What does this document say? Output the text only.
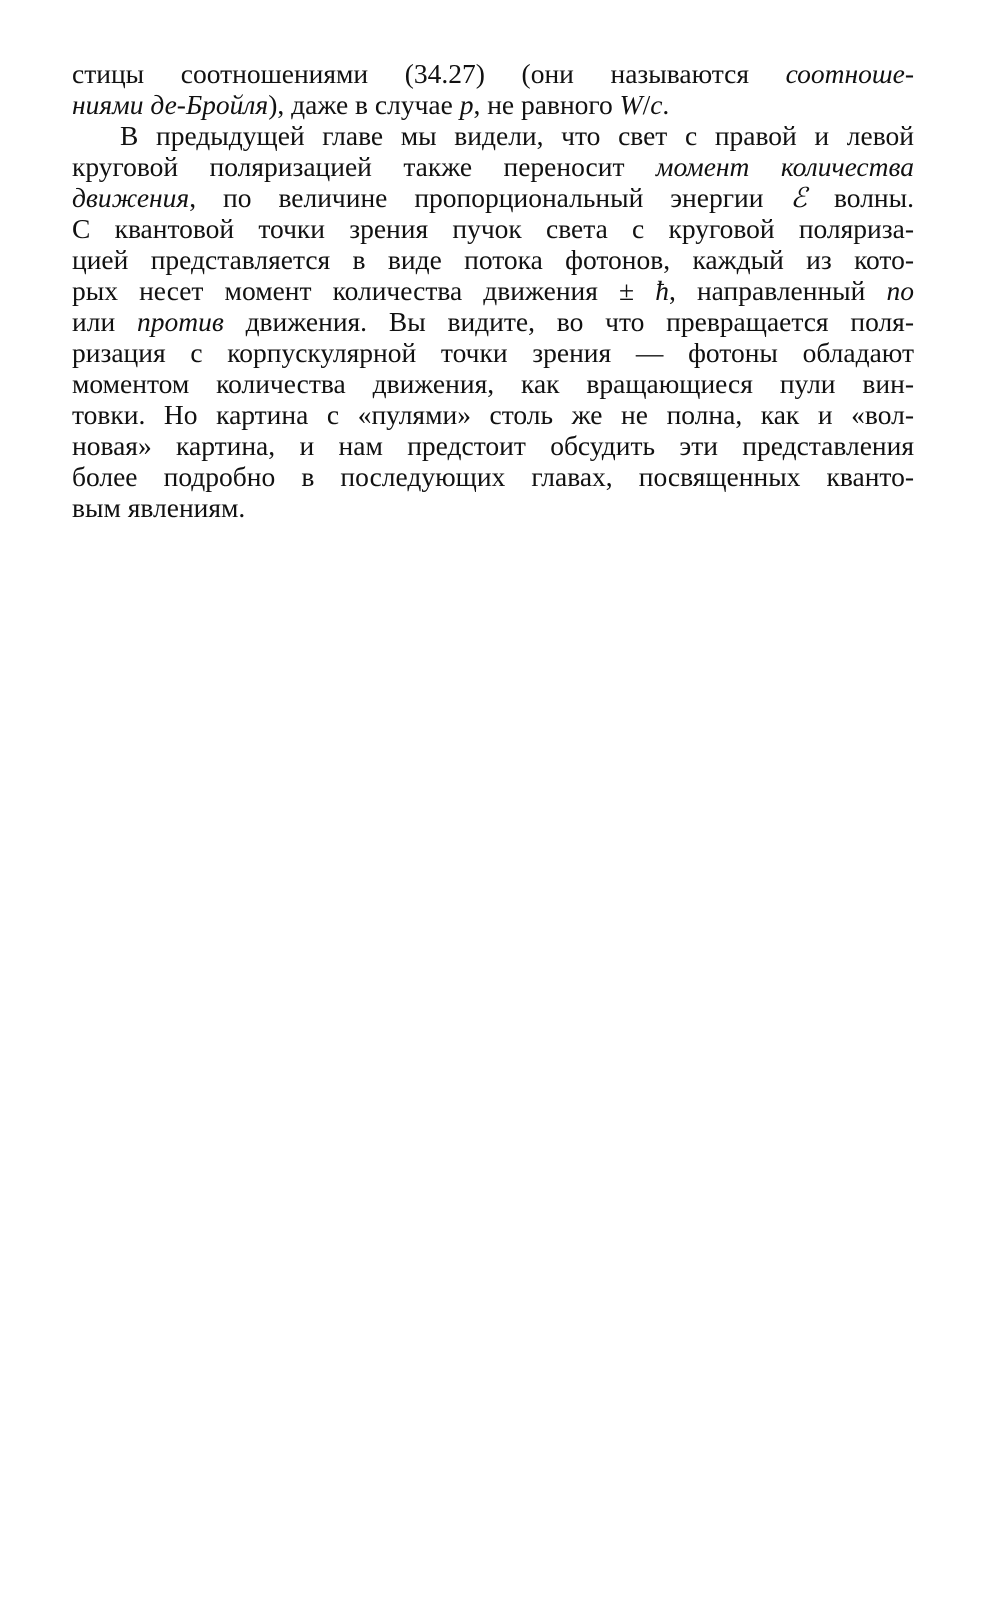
стицы соотношениями (34.27) (они называются соотноше-
ниями де-Бройля), даже в случае p, не равного W/c.
В предыдущей главе мы видели, что свет с правой и левой
круговой поляризацией также переносит момент количества
движения, по величине пропорциональный энергии ℰ волны.
С квантовой точки зрения пучок света с круговой поляриза-
цией представляется в виде потока фотонов, каждый из кото-
рых несет момент количества движения ± ħ, направленный по
или против движения. Вы видите, во что превращается поля-
ризация с корпускулярной точки зрения — фотоны обладают
моментом количества движения, как вращающиеся пули вин-
товки. Но картина с «пулями» столь же не полна, как и «вол-
новая» картина, и нам предстоит обсудить эти представления
более подробно в последующих главах, посвященных кванто-
вым явлениям.
